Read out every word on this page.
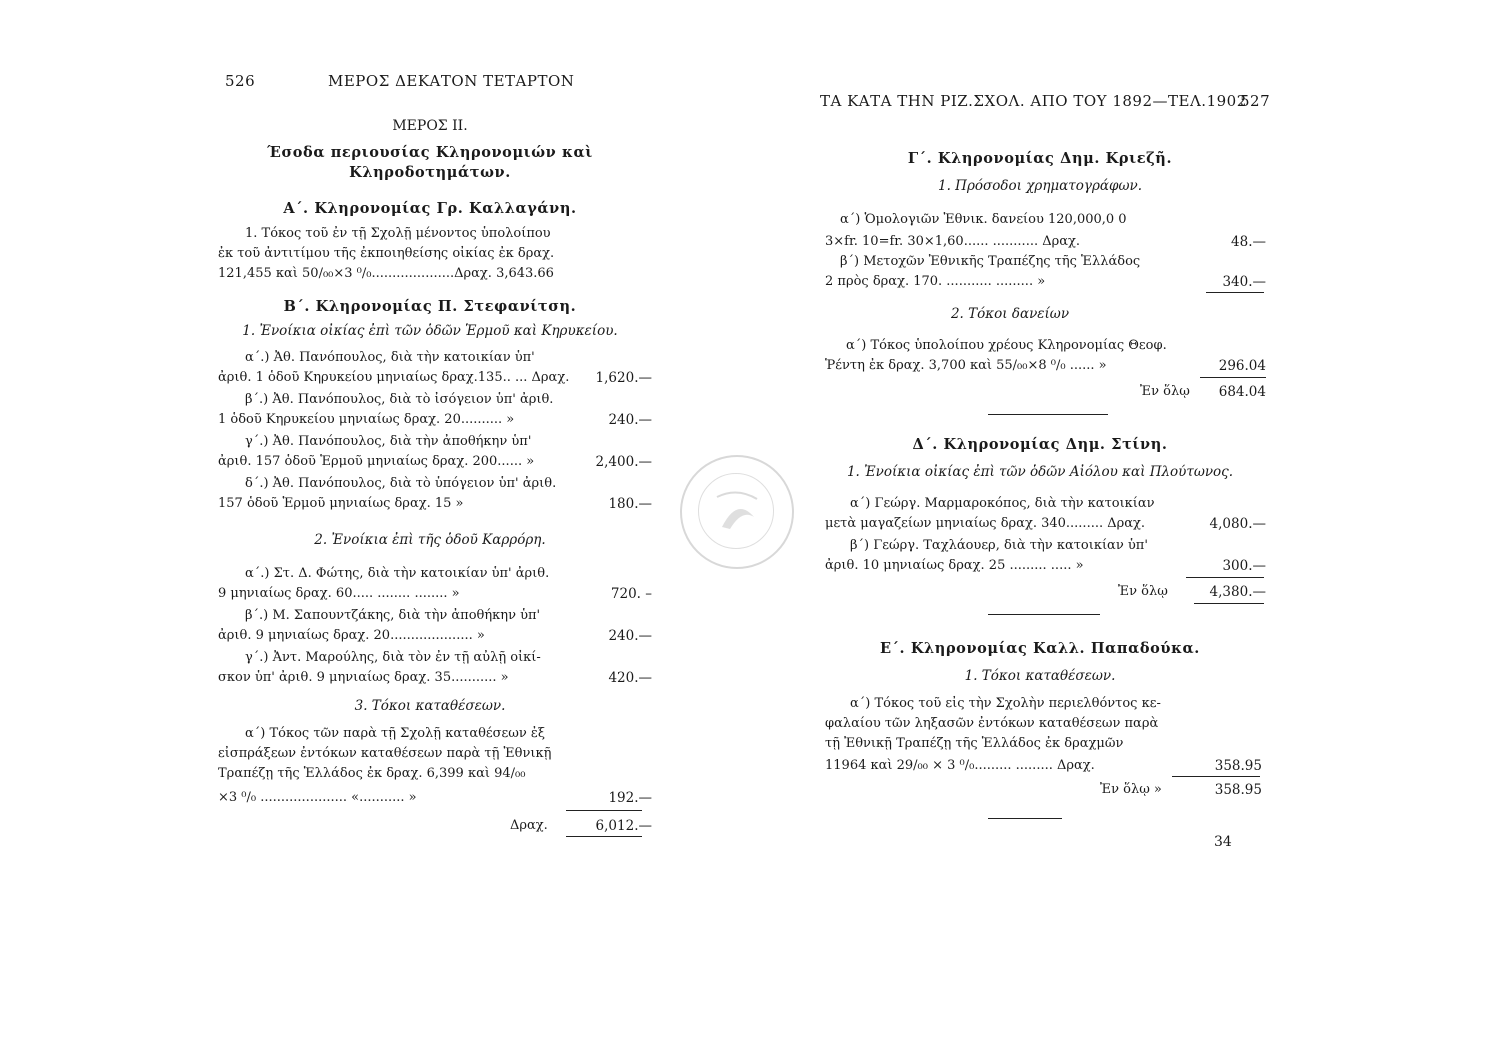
526	ΜΕΡΟΣ ΔΕΚΑΤΟΝ ΤΕΤΑΡΤΟΝ
ΜΕΡΟΣ ΙΙ.
Έσοδα περιουσίας Κληρονομιών καὶ
Κληροδοτημάτων.
Α΄. Κληρονομίας Γρ. Καλλαγάνη.
1. Τόκος τοῦ ἐν τῇ Σχολῇ μένοντος ὑπολοίπου
ἐκ τοῦ ἀντιτίμου τῆς ἐκποιηθείσης οἰκίας ἐκ δραχ.
121,455 καὶ 50/₀₀×3 ⁰/₀....................Δραχ. 3,643.66
Β΄. Κληρονομίας Π. Στεφανίτση.
1. Ἐνοίκια οἰκίας ἐπὶ τῶν ὁδῶν Ἑρμοῦ καὶ Κηρυκείου.
α΄.) Ἀθ. Πανόπουλος, διὰ τὴν κατοικίαν ὑπ'
ἀριθ. 1 ὁδοῦ Κηρυκείου μηνιαίως δραχ.135.. ... Δραχ.	1,620.—
β΄.) Ἀθ. Πανόπουλος, διὰ τὸ ἰσόγειον ὑπ' ἀριθ.
1 ὁδοῦ Κηρυκείου μηνιαίως δραχ. 20.......... »	240.—
γ΄.) Ἀθ. Πανόπουλος, διὰ τὴν ἀποθήκην ὑπ'
ἀριθ. 157 ὁδοῦ Ἑρμοῦ μηνιαίως δραχ. 200...... »	2,400.—
δ΄.) Ἀθ. Πανόπουλος, διὰ τὸ ὑπόγειον ὑπ' ἀριθ.
157 ὁδοῦ Ἑρμοῦ μηνιαίως δραχ. 15 »	180.—
2. Ἐνοίκια ἐπὶ τῆς ὁδοῦ Καρρόρη.
α΄.) Στ. Δ. Φώτης, διὰ τὴν κατοικίαν ὑπ' ἀριθ.
9 μηνιαίως δραχ. 60..... ........ ........ »	720. –
β΄.) Μ. Σαπουντζάκης, διὰ τὴν ἀποθήκην ὑπ'
ἀριθ. 9 μηνιαίως δραχ. 20.................... »	240.—
γ΄.) Ἀντ. Μαρούλης, διὰ τὸν ἐν τῇ αὐλῇ οἰκί-
σκον ὑπ' ἀριθ. 9 μηνιαίως δραχ. 35........... »	420.—
3. Τόκοι καταθέσεων.
α΄) Τόκος τῶν παρὰ τῇ Σχολῇ καταθέσεων ἐξ
εἰσπράξεων ἐντόκων καταθέσεων παρὰ τῇ Ἐθνικῇ
Τραπέζῃ τῆς Ἑλλάδος ἐκ δραχ. 6,399 καὶ 94/₀₀
×3 ⁰/₀ ..................... «........... »	192.—
Δραχ.	6,012.—
ΤΑ ΚΑΤΑ ΤΗΝ ΡΙΖ.ΣΧΟΛ. ΑΠΟ ΤΟΥ 1892—ΤΕΛ.1902
527
Γ΄. Κληρονομίας Δημ. Κριεζῆ.
1. Πρόσοδοι χρηματογράφων.
α΄) Ὁμολογιῶν Ἐθνικ. δανείου 120,000,0 0
3×fr. 10=fr. 30×1,60...... ........... Δραχ.	48.—
β΄) Μετοχῶν Ἐθνικῆς Τραπέζης τῆς Ἑλλάδος
2 πρὸς δραχ. 170. ........... ......... »	340.—
2. Τόκοι δανείων
α΄) Τόκος ὑπολοίπου χρέους Κληρονομίας Θεοφ.
Ῥέντη ἐκ δραχ. 3,700 καὶ 55/₀₀×8 ⁰/₀ ...... »	296.04
Ἐν ὅλῳ	684.04
Δ΄. Κληρονομίας Δημ. Στίνη.
1. Ἐνοίκια οἰκίας ἐπὶ τῶν ὁδῶν Αἰόλου καὶ Πλούτωνος.
α΄) Γεώργ. Μαρμαροκόπος, διὰ τὴν κατοικίαν
μετὰ μαγαζείων μηνιαίως δραχ. 340......... Δραχ.	4,080.—
β΄) Γεώργ. Ταχλάουερ, διὰ τὴν κατοικίαν ὑπ'
ἀριθ. 10 μηνιαίως δραχ. 25 ......... ..... »	300.—
Ἐν ὅλῳ	4,380.—
Ε΄. Κληρονομίας Καλλ. Παπαδούκα.
1. Τόκοι καταθέσεων.
α΄) Τόκος τοῦ εἰς τὴν Σχολὴν περιελθόντος κε-
φαλαίου τῶν ληξασῶν ἐντόκων καταθέσεων παρὰ
τῇ Ἐθνικῇ Τραπέζῃ τῆς Ἑλλάδος ἐκ δραχμῶν
11964 καὶ 29/₀₀ × 3 ⁰/₀......... ......... Δραχ.	358.95
Ἐν ὅλῳ »	358.95
34
